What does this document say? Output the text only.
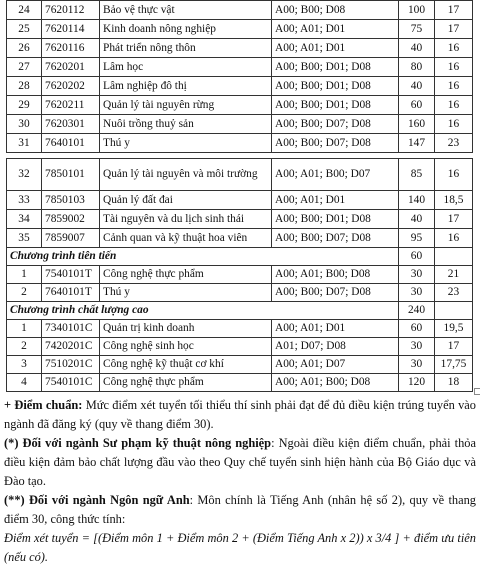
24	7620112	Bảo vệ thực vật	A00; B00; D08	100	17
25	7620114	Kinh doanh nông nghiệp	A00; A01; D01	75	17
26	7620116	Phát triển nông thôn	A00; A01; D01	40	16
27	7620201	Lâm học	A00; B00; D01; D08	80	16
28	7620202	Lâm nghiệp đô thị	A00; B00; D01; D08	40	16
29	7620211	Quản lý tài nguyên rừng	A00; B00; D01; D08	60	16
30	7620301	Nuôi trồng thuỷ sản	A00; B00; D07; D08	160	16
31	7640101	Thú y	A00; B00; D07; D08	147	23

32	7850101	Quản lý tài nguyên và môi trường	A00; A01; B00; D07	85	16
33	7850103	Quản lý đất đai	A00; A01; D01	140	18,5
34	7859002	Tài nguyên và du lịch sinh thái	A00; B00; D01; D08	40	17
35	7859007	Cảnh quan và kỹ thuật hoa viên	A00; B00; D07; D08	95	16
Chương trình tiên tiến				60	
1	7540101T	Công nghệ thực phẩm	A00; A01; B00; D08	30	21
2	7640101T	Thú y	A00; B00; D07; D08	30	23
Chương trình chất lượng cao				240	
1	7340101C	Quản trị kinh doanh	A00; A01; D01	60	19,5
2	7420201C	Công nghệ sinh học	A01; D07; D08	30	17
3	7510201C	Công nghệ kỹ thuật cơ khí	A00; A01; D07	30	17,75
4	7540101C	Công nghệ thực phẩm	A00; A01; B00; D08	120	18

+ Điểm chuẩn: Mức điểm xét tuyển tối thiểu thí sinh phải đạt để đủ điều kiện trúng tuyển vào ngành đã đăng ký (quy về thang điểm 30).

(*) Đối với ngành Sư phạm kỹ thuật nông nghiệp: Ngoài điều kiện điểm chuẩn, phải thỏa điều kiện đảm bảo chất lượng đầu vào theo Quy chế tuyển sinh hiện hành của Bộ Giáo dục và Đào tạo.

(**) Đối với ngành Ngôn ngữ Anh: Môn chính là Tiếng Anh (nhân hệ số 2), quy về thang điểm 30, công thức tính:

Điểm xét tuyển = [(Điểm môn 1 + Điểm môn 2 + (Điểm Tiếng Anh x 2)) x 3/4 ] + điểm ưu tiên (nếu có).
